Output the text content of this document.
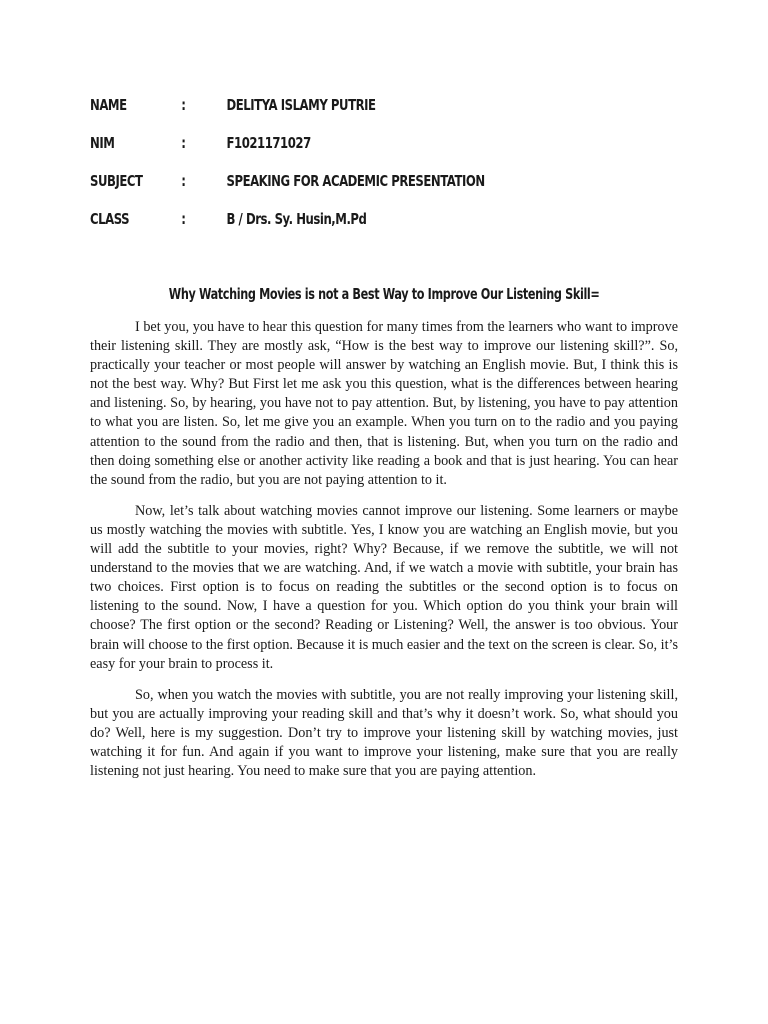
NAME	:	DELITYA ISLAMY PUTRIE
NIM	:	F1021171027
SUBJECT	:	SPEAKING FOR ACADEMIC PRESENTATION
CLASS	:	B / Drs. Sy. Husin,M.Pd
Why Watching Movies is not a Best Way to Improve Our Listening Skill=

I bet you, you have to hear this question for many times from the learners who want to improve their listening skill. They are mostly ask, “How is the best way to improve our listening skill?”. So, practically your teacher or most people will answer by watching an English movie. But, I think this is not the best way. Why? But First let me ask you this question, what is the differences between hearing and listening. So, by hearing, you have not to pay attention. But, by listening, you have to pay attention to what you are listen. So, let me give you an example. When you turn on to the radio and you paying attention to the sound from the radio and then, that is listening. But, when you turn on the radio and then doing something else or another activity like reading a book and that is just hearing. You can hear the sound from the radio, but you are not paying attention to it.

Now, let’s talk about watching movies cannot improve our listening. Some learners or maybe us mostly watching the movies with subtitle. Yes, I know you are watching an English movie, but you will add the subtitle to your movies, right? Why? Because, if we remove the subtitle, we will not understand to the movies that we are watching. And, if we watch a movie with subtitle, your brain has two choices. First option is to focus on reading the subtitles or the second option is to focus on listening to the sound. Now, I have a question for you. Which option do you think your brain will choose? The first option or the second? Reading or Listening? Well, the answer is too obvious. Your brain will choose to the first option. Because it is much easier and the text on the screen is clear. So, it’s easy for your brain to process it.

So, when you watch the movies with subtitle, you are not really improving your listening skill, but you are actually improving your reading skill and that’s why it doesn’t work. So, what should you do? Well, here is my suggestion. Don’t try to improve your listening skill by watching movies, just watching it for fun. And again if you want to improve your listening, make sure that you are really listening not just hearing. You need to make sure that you are paying attention.
